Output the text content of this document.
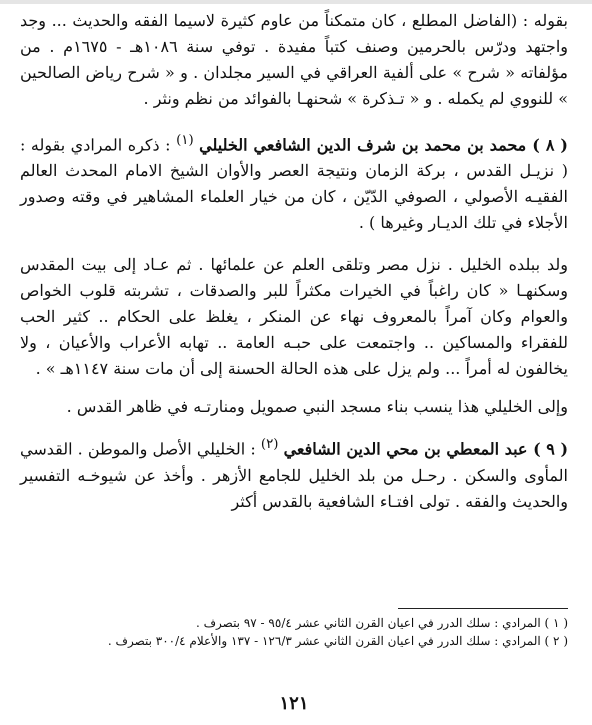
بقوله : (الفاضل المطلع ، كان متمكناً من عاوم كثيرة لاسيما الفقه والحديث ... وجد واجتهد ودرّس بالحرمين وصنف كتباً مفيدة . توفي سنة ١٠٨٦هـ - ١٦٧٥م . من مؤلفاته « شرح » على ألفية العراقي في السير مجلدان . و « شرح رياض الصالحين » للنووي لم يكمله . و « تـذكرة » شحنهـا بالفوائد من نظم ونثر .

( ٨ ) محمد بن محمد بن شرف الدين الشافعي الخليلي $^{(١)}$ : ذكره المرادي بقوله : ( نزيـل القدس ، بركة الزمان ونتيجة العصر والأوان الشيخ الامام المحدث العالم الفقيـه الأصولي ، الصوفي الدّيّن ، كان من خيار العلماء المشاهير في وقته وصدور الأجلاء في تلك الديـار وغيرها ) .

ولد ببلده الخليل . نزل مصر وتلقى العلم عن علمائها . ثم عـاد إلى بيت المقدس وسكنهـا « كان راغباً في الخيرات مكثراً للبر والصدقات ، تشربته قلوب الخواص والعوام وكان آمراً بالمعروف نهاء عن المنكر ، يغلظ على الحكام .. كثير الحب للفقراء والمساكين .. واجتمعت على حبـه العامة .. تهابه الأعراب والأعيان ، ولا يخالفون له أمراً ... ولم يزل على هذه الحالة الحسنة إلى أن مات سنة ١١٤٧هـ » .

وإلى الخليلي هذا ينسب بناء مسجد النبي صمويل ومنارتـه في ظاهر القدس .

( ٩ ) عبد المعطي بن محي الدين الشافعي $^{(٢)}$ : الخليلي الأصل والموطن . القدسي المأوى والسكن . رحـل من بلد الخليل للجامع الأزهر . وأخذ عن شيوخـه التفسير والحديث والفقه . تولى افتـاء الشافعية بالقدس أكثر

( ١ ) المرادي : سلك الدرر في اعيان القرن الثاني عشر ٩٥/٤ - ٩٧ بتصرف .

( ٢ ) المرادي : سلك الدرر في اعيان القرن الثاني عشر ١٢٦/٣ - ١٣٧ والأعلام ٣٠٠/٤ بتصرف .

١٢١
